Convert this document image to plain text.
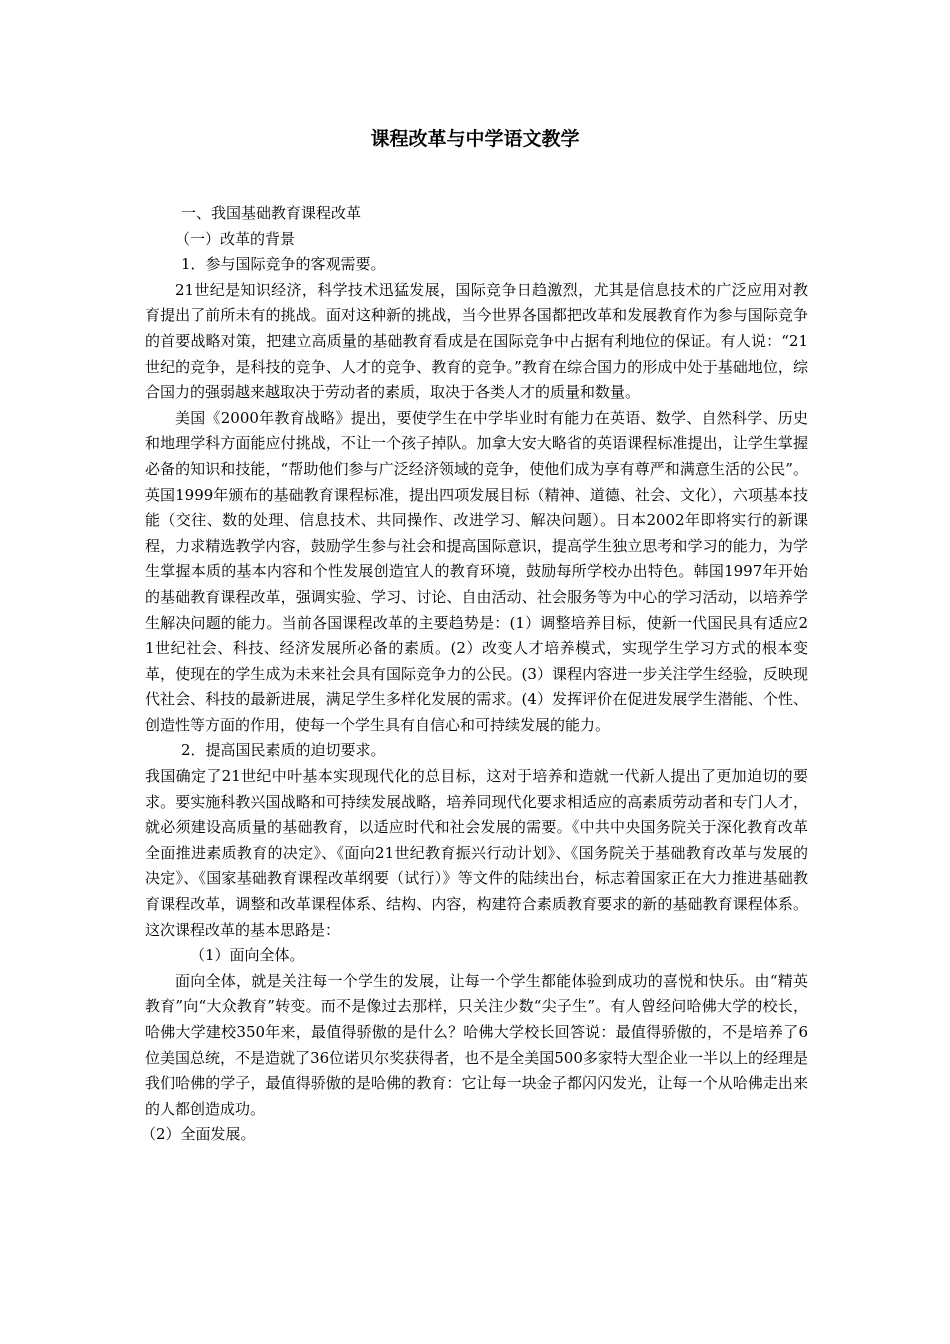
课程改革与中学语文教学

一、我国基础教育课程改革

（一）改革的背景

1．参与国际竞争的客观需要。

21世纪是知识经济，科学技术迅猛发展，国际竞争日趋激烈，尤其是信息技术的广泛应用对教育提出了前所未有的挑战。面对这种新的挑战，当今世界各国都把改革和发展教育作为参与国际竞争的首要战略对策，把建立高质量的基础教育看成是在国际竞争中占据有利地位的保证。有人说：“21世纪的竞争，是科技的竞争、人才的竞争、教育的竞争。”教育在综合国力的形成中处于基础地位，综合国力的强弱越来越取决于劳动者的素质，取决于各类人才的质量和数量。

美国《2000年教育战略》提出，要使学生在中学毕业时有能力在英语、数学、自然科学、历史和地理学科方面能应付挑战，不让一个孩子掉队。加拿大安大略省的英语课程标准提出，让学生掌握必备的知识和技能，“帮助他们参与广泛经济领域的竞争，使他们成为享有尊严和满意生活的公民”。英国1999年颁布的基础教育课程标准，提出四项发展目标（精神、道德、社会、文化），六项基本技能（交往、数的处理、信息技术、共同操作、改进学习、解决问题）。日本2002年即将实行的新课程，力求精选教学内容，鼓励学生参与社会和提高国际意识，提高学生独立思考和学习的能力，为学生掌握本质的基本内容和个性发展创造宜人的教育环境，鼓励每所学校办出特色。韩国1997年开始的基础教育课程改革，强调实验、学习、讨论、自由活动、社会服务等为中心的学习活动，以培养学生解决问题的能力。当前各国课程改革的主要趋势是：(1）调整培养目标，使新一代国民具有适应21世纪社会、科技、经济发展所必备的素质。(2）改变人才培养模式，实现学生学习方式的根本变革，使现在的学生成为未来社会具有国际竞争力的公民。(3）课程内容进一步关注学生经验，反映现代社会、科技的最新进展，满足学生多样化发展的需求。(4）发挥评价在促进发展学生潜能、个性、创造性等方面的作用，使每一个学生具有自信心和可持续发展的能力。

2．提高国民素质的迫切要求。

我国确定了21世纪中叶基本实现现代化的总目标，这对于培养和造就一代新人提出了更加迫切的要求。要实施科教兴国战略和可持续发展战略，培养同现代化要求相适应的高素质劳动者和专门人才，就必须建设高质量的基础教育，以适应时代和社会发展的需要。《中共中央国务院关于深化教育改革全面推进素质教育的决定》、《面向21世纪教育振兴行动计划》、《国务院关于基础教育改革与发展的决定》、《国家基础教育课程改革纲要（试行）》等文件的陆续出台，标志着国家正在大力推进基础教育课程改革，调整和改革课程体系、结构、内容，构建符合素质教育要求的新的基础教育课程体系。这次课程改革的基本思路是：

（1）面向全体。

面向全体，就是关注每一个学生的发展，让每一个学生都能体验到成功的喜悦和快乐。由“精英教育”向“大众教育”转变。而不是像过去那样，只关注少数“尖子生”。有人曾经问哈佛大学的校长，哈佛大学建校350年来，最值得骄傲的是什么？哈佛大学校长回答说：最值得骄傲的，不是培养了6位美国总统，不是造就了36位诺贝尔奖获得者，也不是全美国500多家特大型企业一半以上的经理是我们哈佛的学子，最值得骄傲的是哈佛的教育：它让每一块金子都闪闪发光，让每一个从哈佛走出来的人都创造成功。

（2）全面发展。
